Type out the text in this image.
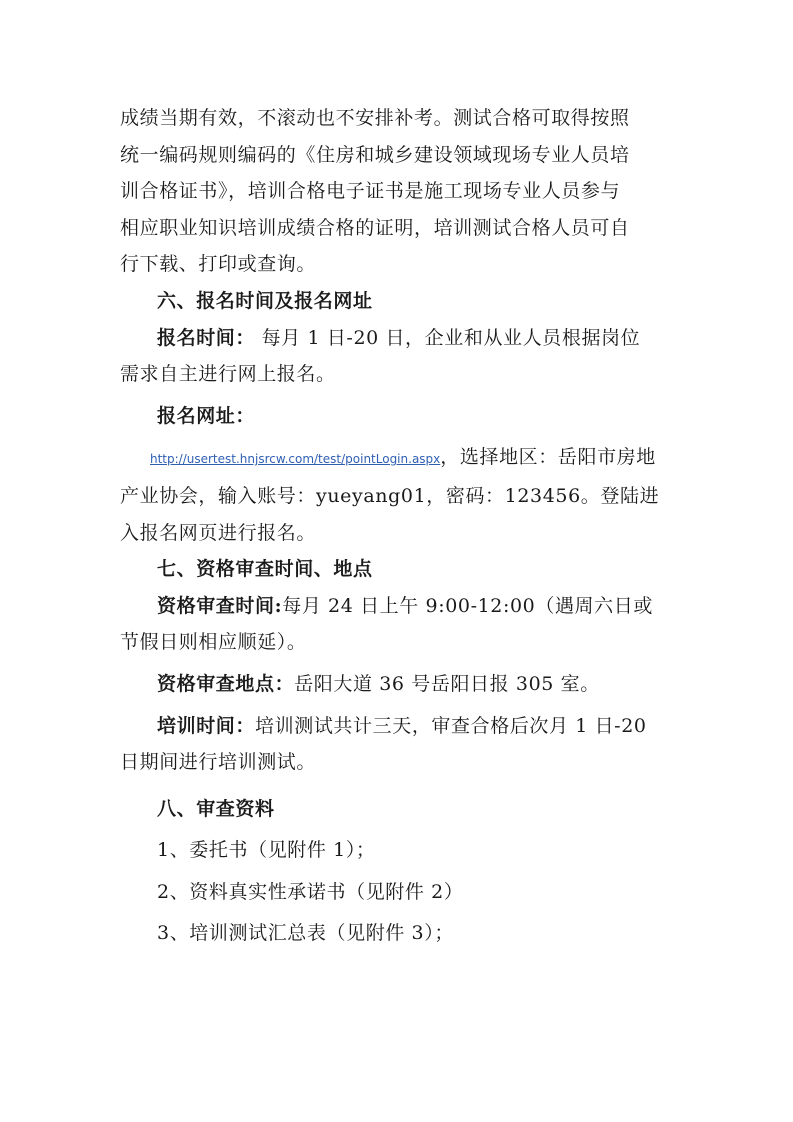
成绩当期有效，不滚动也不安排补考。测试合格可取得按照
统一编码规则编码的《住房和城乡建设领域现场专业人员培
训合格证书》，培训合格电子证书是施工现场专业人员参与
相应职业知识培训成绩合格的证明，培训测试合格人员可自
行下载、打印或查询。
六、报名时间及报名网址
报名时间： 每月 1 日-20 日，企业和从业人员根据岗位
需求自主进行网上报名。
报名网址：
http://usertest.hnjsrcw.com/test/pointLogin.aspx，选择地区：岳阳市房地
产业协会，输入账号：yueyang01，密码：123456。登陆进
入报名网页进行报名。
七、资格审查时间、地点
资格审查时间:每月 24 日上午 9:00-12:00（遇周六日或
节假日则相应顺延）。
资格审查地点：岳阳大道 36 号岳阳日报 305 室。
培训时间：培训测试共计三天，审查合格后次月 1 日-20
日期间进行培训测试。
八、审查资料
1、委托书（见附件 1）；
2、资料真实性承诺书（见附件 2）
3、培训测试汇总表（见附件 3）；
